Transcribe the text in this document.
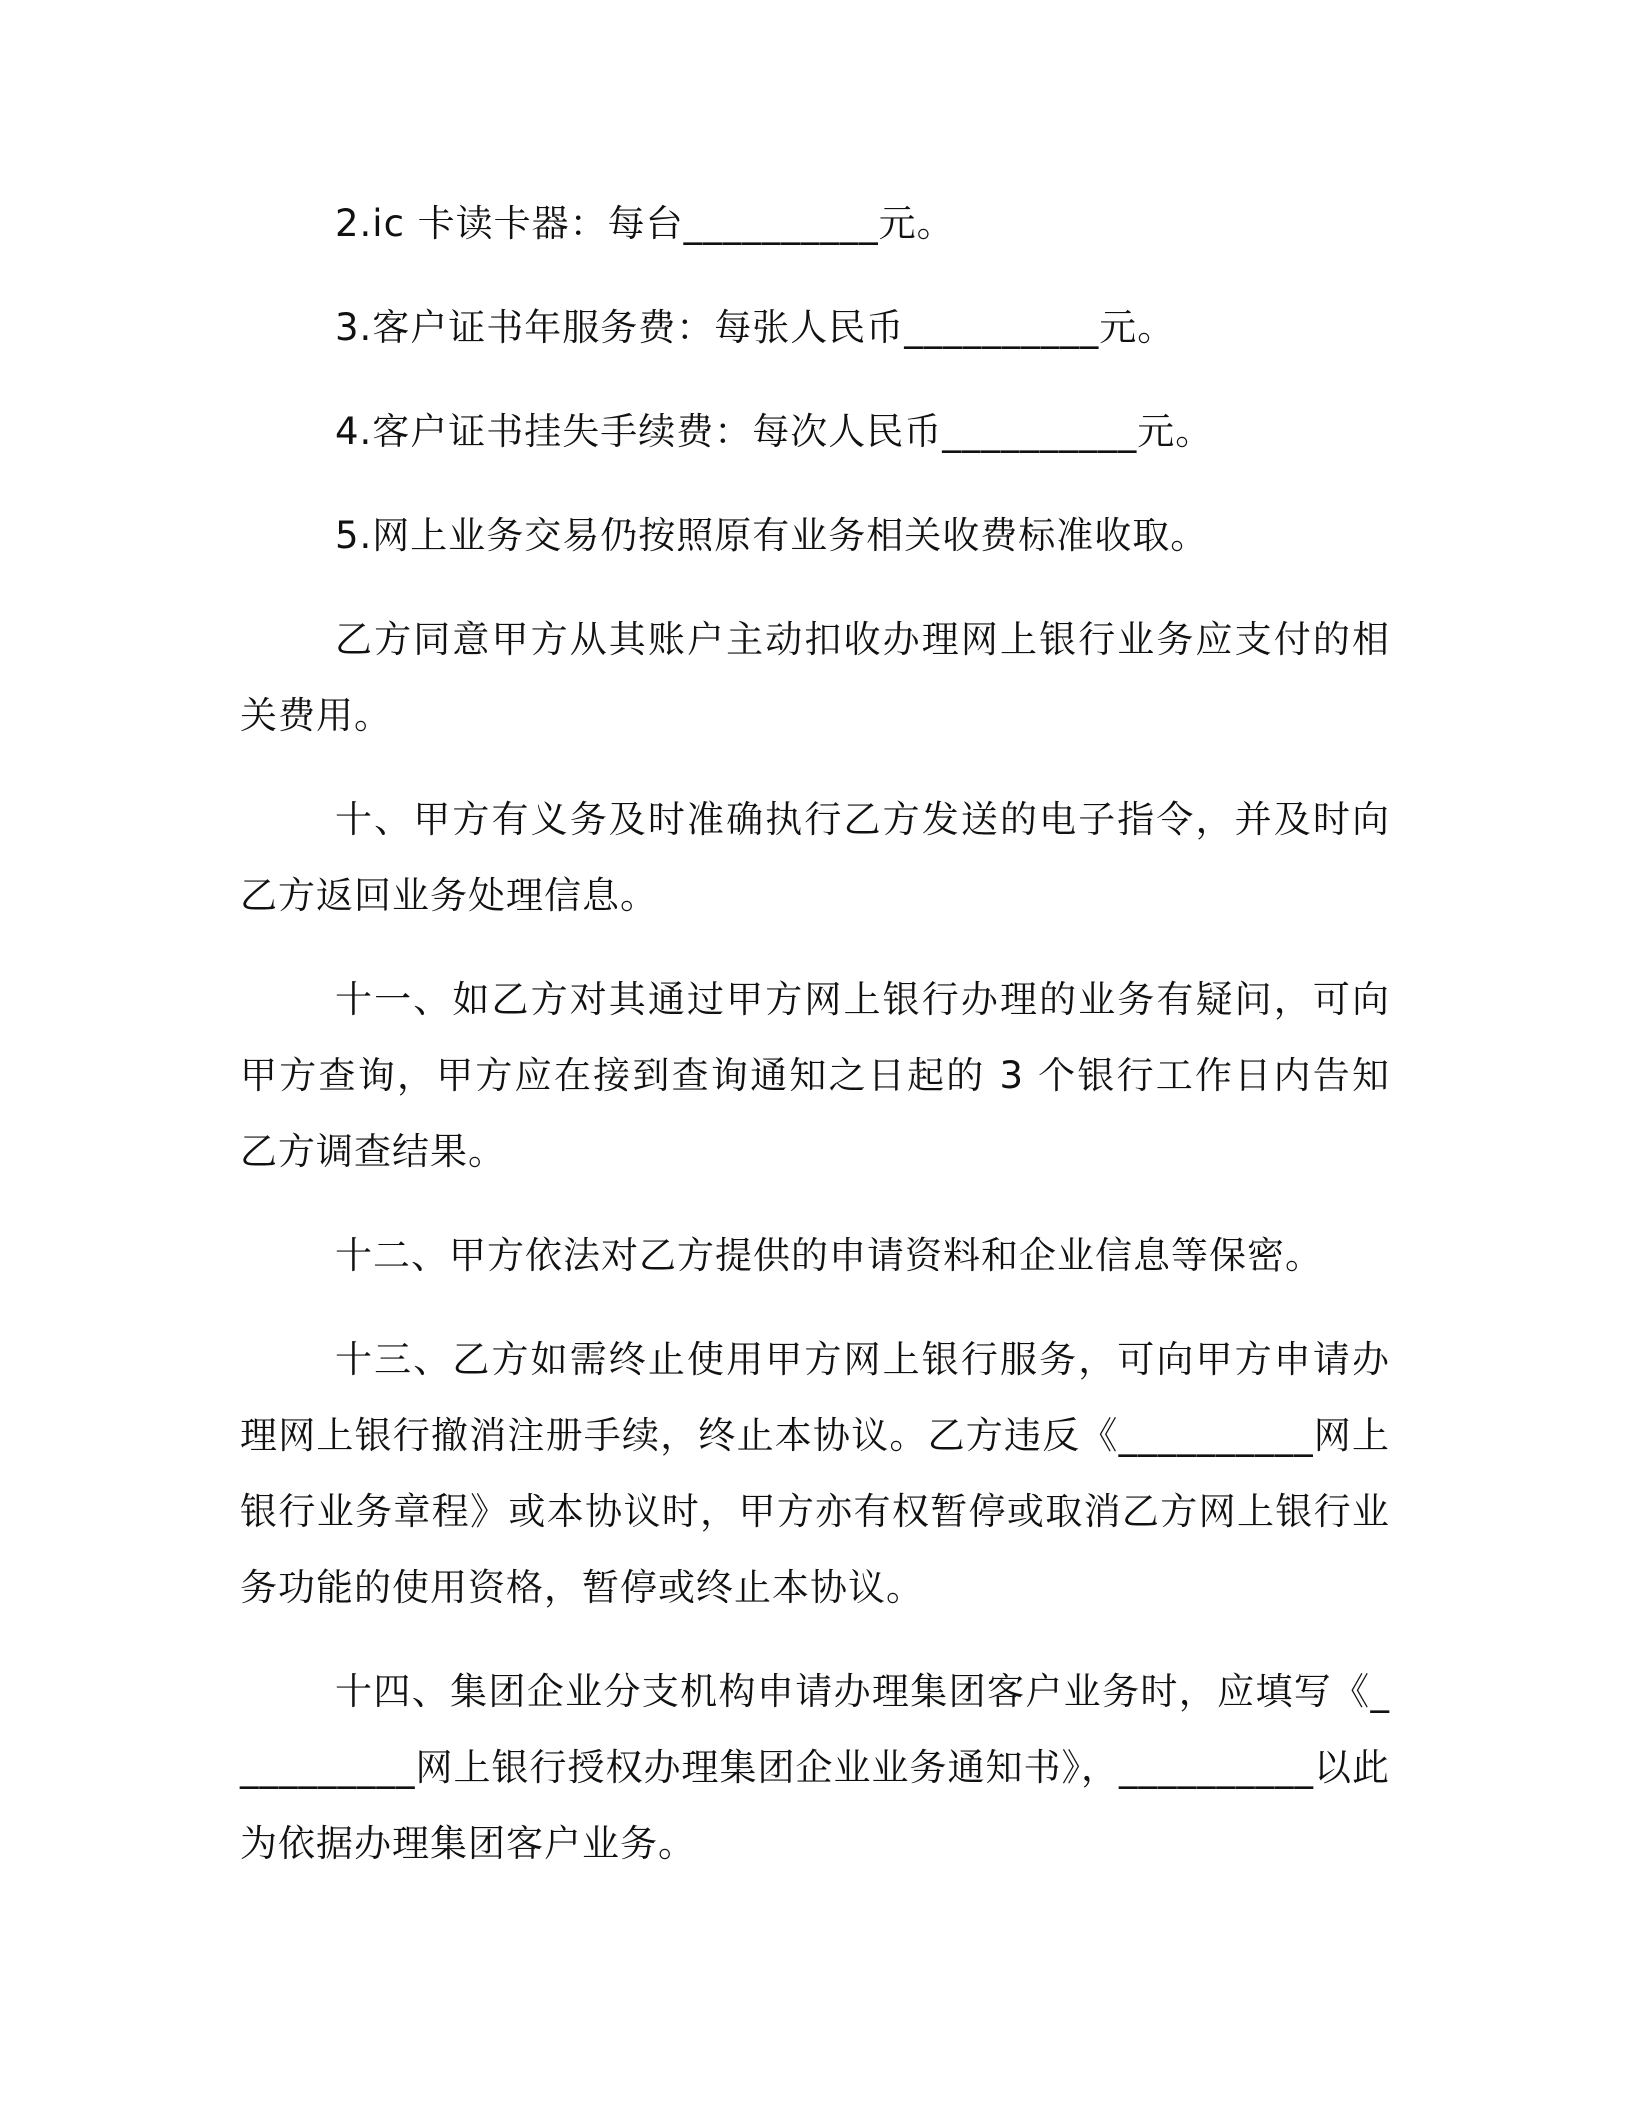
2.ic 卡读卡器：每台__________元。

3.客户证书年服务费：每张人民币__________元。

4.客户证书挂失手续费：每次人民币__________元。

5.网上业务交易仍按照原有业务相关收费标准收取。

乙方同意甲方从其账户主动扣收办理网上银行业务应支付的相关费用。

十、甲方有义务及时准确执行乙方发送的电子指令，并及时向乙方返回业务处理信息。

十一、如乙方对其通过甲方网上银行办理的业务有疑问，可向甲方查询，甲方应在接到查询通知之日起的 3 个银行工作日内告知乙方调查结果。

十二、甲方依法对乙方提供的申请资料和企业信息等保密。

十三、乙方如需终止使用甲方网上银行服务，可向甲方申请办理网上银行撤消注册手续，终止本协议。乙方违反《__________网上银行业务章程》或本协议时，甲方亦有权暂停或取消乙方网上银行业务功能的使用资格，暂停或终止本协议。

十四、集团企业分支机构申请办理集团客户业务时，应填写《__________网上银行授权办理集团企业业务通知书》，__________以此为依据办理集团客户业务。
